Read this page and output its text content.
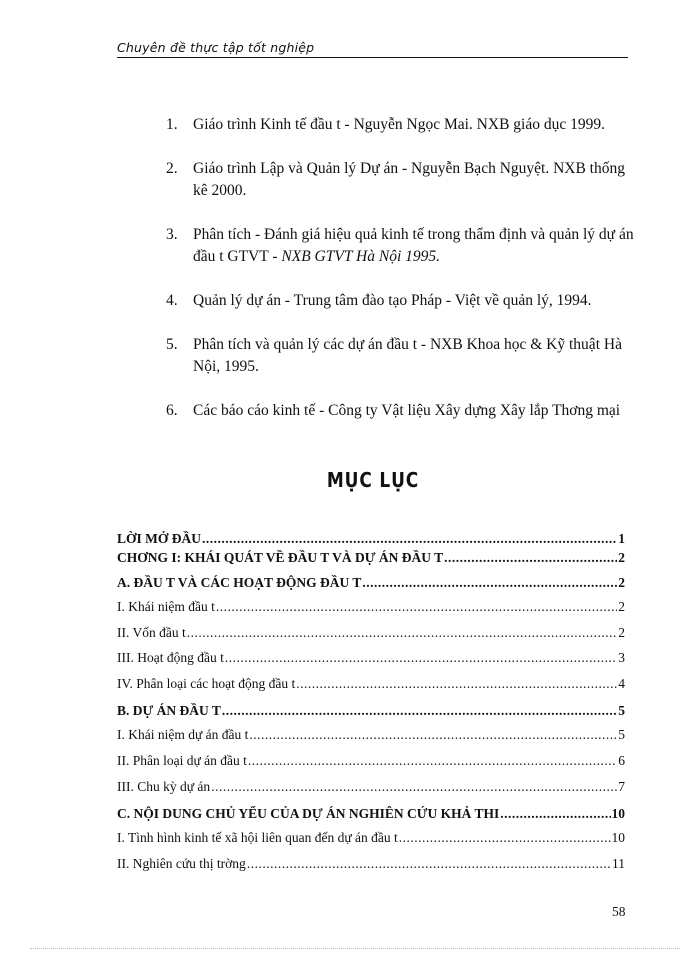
Chuyên đề thực tập tốt nghiệp
1. Giáo trình Kinh tế đầu t - Nguyễn Ngọc Mai. NXB giáo dục 1999.
2. Giáo trình Lập và Quản lý Dự án - Nguyễn Bạch Nguyệt. NXB thống kê 2000.
3. Phân tích - Đánh giá hiệu quả kinh tế trong thẩm định và quản lý dự án đầu t GTVT - NXB GTVT Hà Nội 1995.
4. Quản lý dự án - Trung tâm đào tạo Pháp - Việt về quản lý, 1994.
5. Phân tích và quản lý các dự án đầu t - NXB Khoa học & Kỹ thuật Hà Nội, 1995.
6. Các báo cáo kinh tế - Công ty Vật liệu Xây dựng Xây lắp Thơng mại
MỤC LỤC
LỜI MỞ ĐẦU .....	1
CHƠNG I: KHÁI QUÁT VỀ ĐẦU T VÀ DỰ ÁN ĐẦU T .....	2
A. ĐẦU T VÀ CÁC HOẠT ĐỘNG ĐẦU T .....	2
I. Khái niệm đầu t .....	2
II. Vốn đầu t .....	2
III. Hoạt động đầu t .....	3
IV. Phân loại các hoạt động đầu t .....	4
B. DỰ ÁN ĐẦU T .....	5
I. Khái niệm dự án đầu t .....	5
II. Phân loại dự án đầu t .....	6
III. Chu kỳ dự án .....	7
C. NỘI DUNG CHỦ YẾU CỦA DỰ ÁN NGHIÊN CỨU KHẢ THI .....	10
I. Tình hình kinh tế xã hội liên quan đến dự án đầu t .....	10
II. Nghiên cứu thị trờng .....	11
58
